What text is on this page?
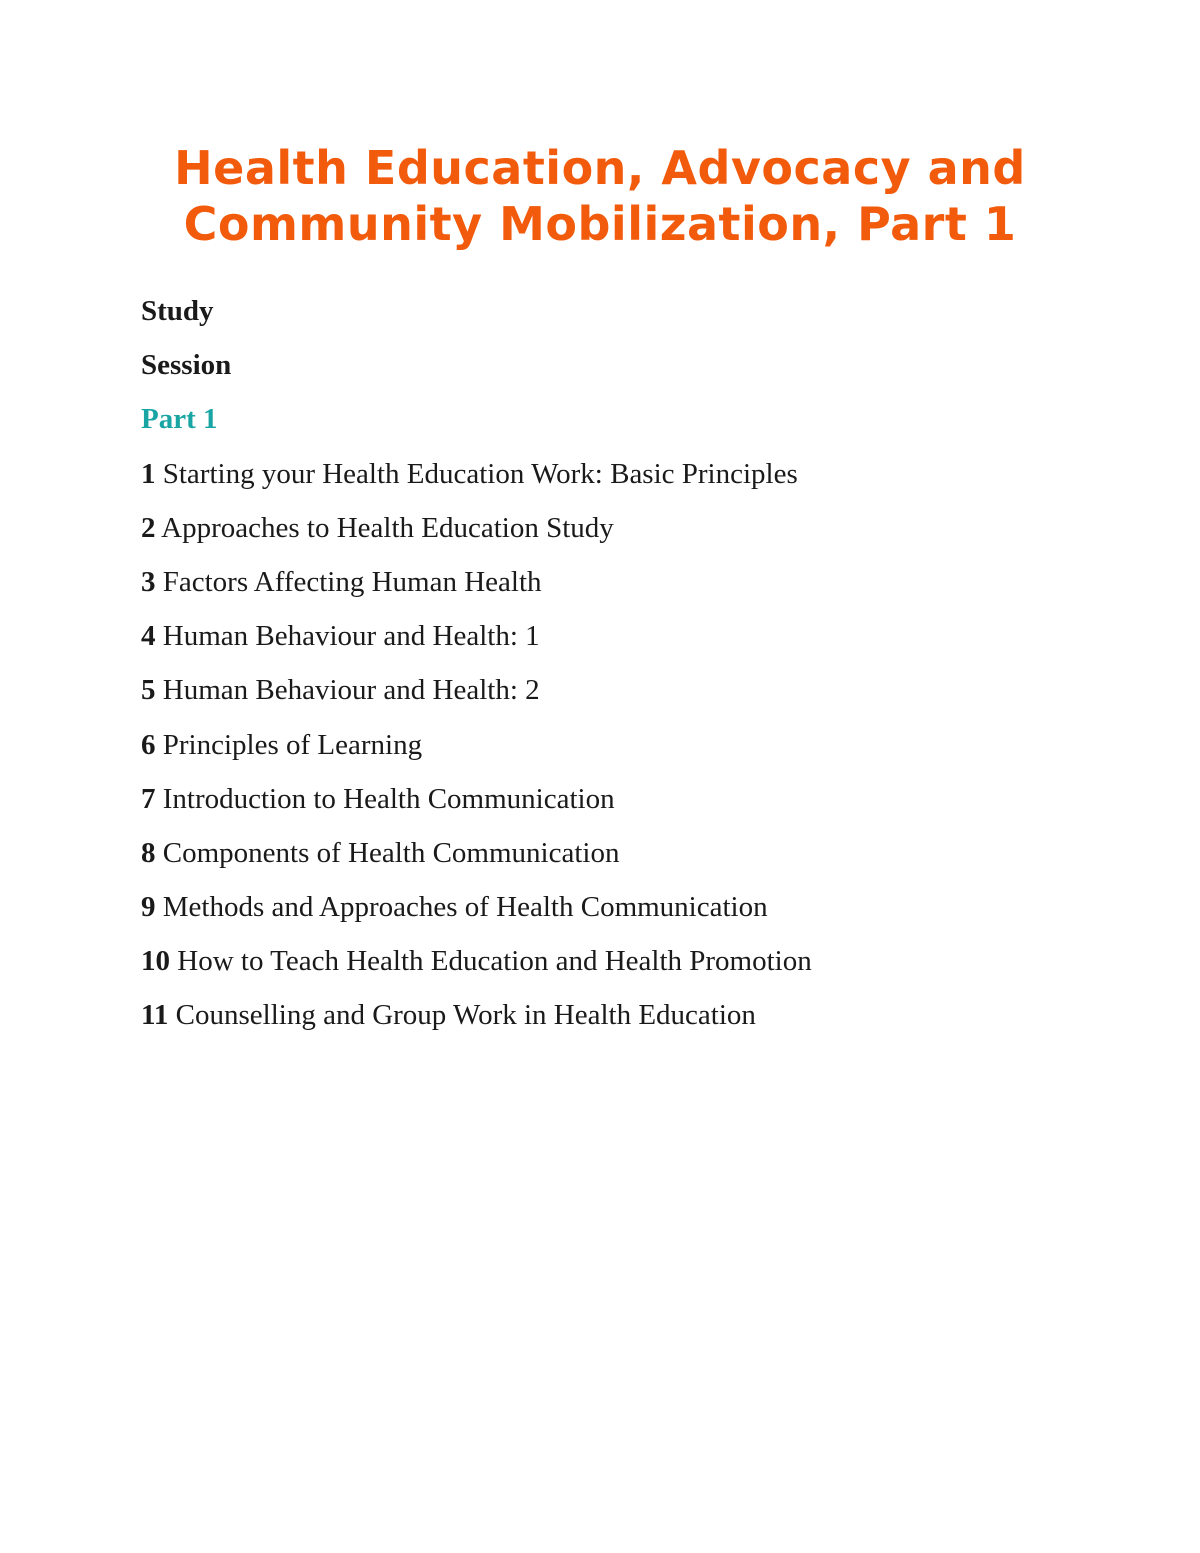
Health Education, Advocacy and
Community Mobilization, Part 1
Study
Session
Part 1
1 Starting your Health Education Work: Basic Principles
2 Approaches to Health Education Study
3 Factors Affecting Human Health
4 Human Behaviour and Health: 1
5 Human Behaviour and Health: 2
6 Principles of Learning
7 Introduction to Health Communication
8 Components of Health Communication
9 Methods and Approaches of Health Communication
10 How to Teach Health Education and Health Promotion
11 Counselling and Group Work in Health Education
